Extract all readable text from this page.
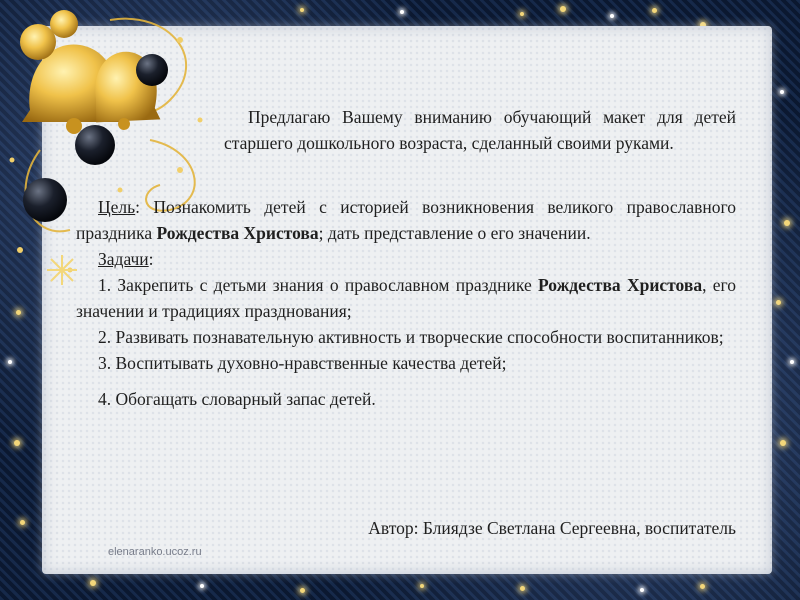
Предлагаю Вашему вниманию обучающий макет для детей старшего дошкольного возраста, сделанный своими руками.

Цель: Познакомить детей с историей возникновения великого православного праздника Рождества Христова; дать представление о его значении.

Задачи:

1. Закрепить с детьми знания о православном празднике Рождества Христова, его значении и традициях празднования;

2. Развивать познавательную активность и творческие способности воспитанников;

3. Воспитывать духовно-нравственные качества детей;

4. Обогащать словарный запас детей.

Автор: Блиядзе Светлана Сергеевна, воспитатель
elenaranko.ucoz.ru
